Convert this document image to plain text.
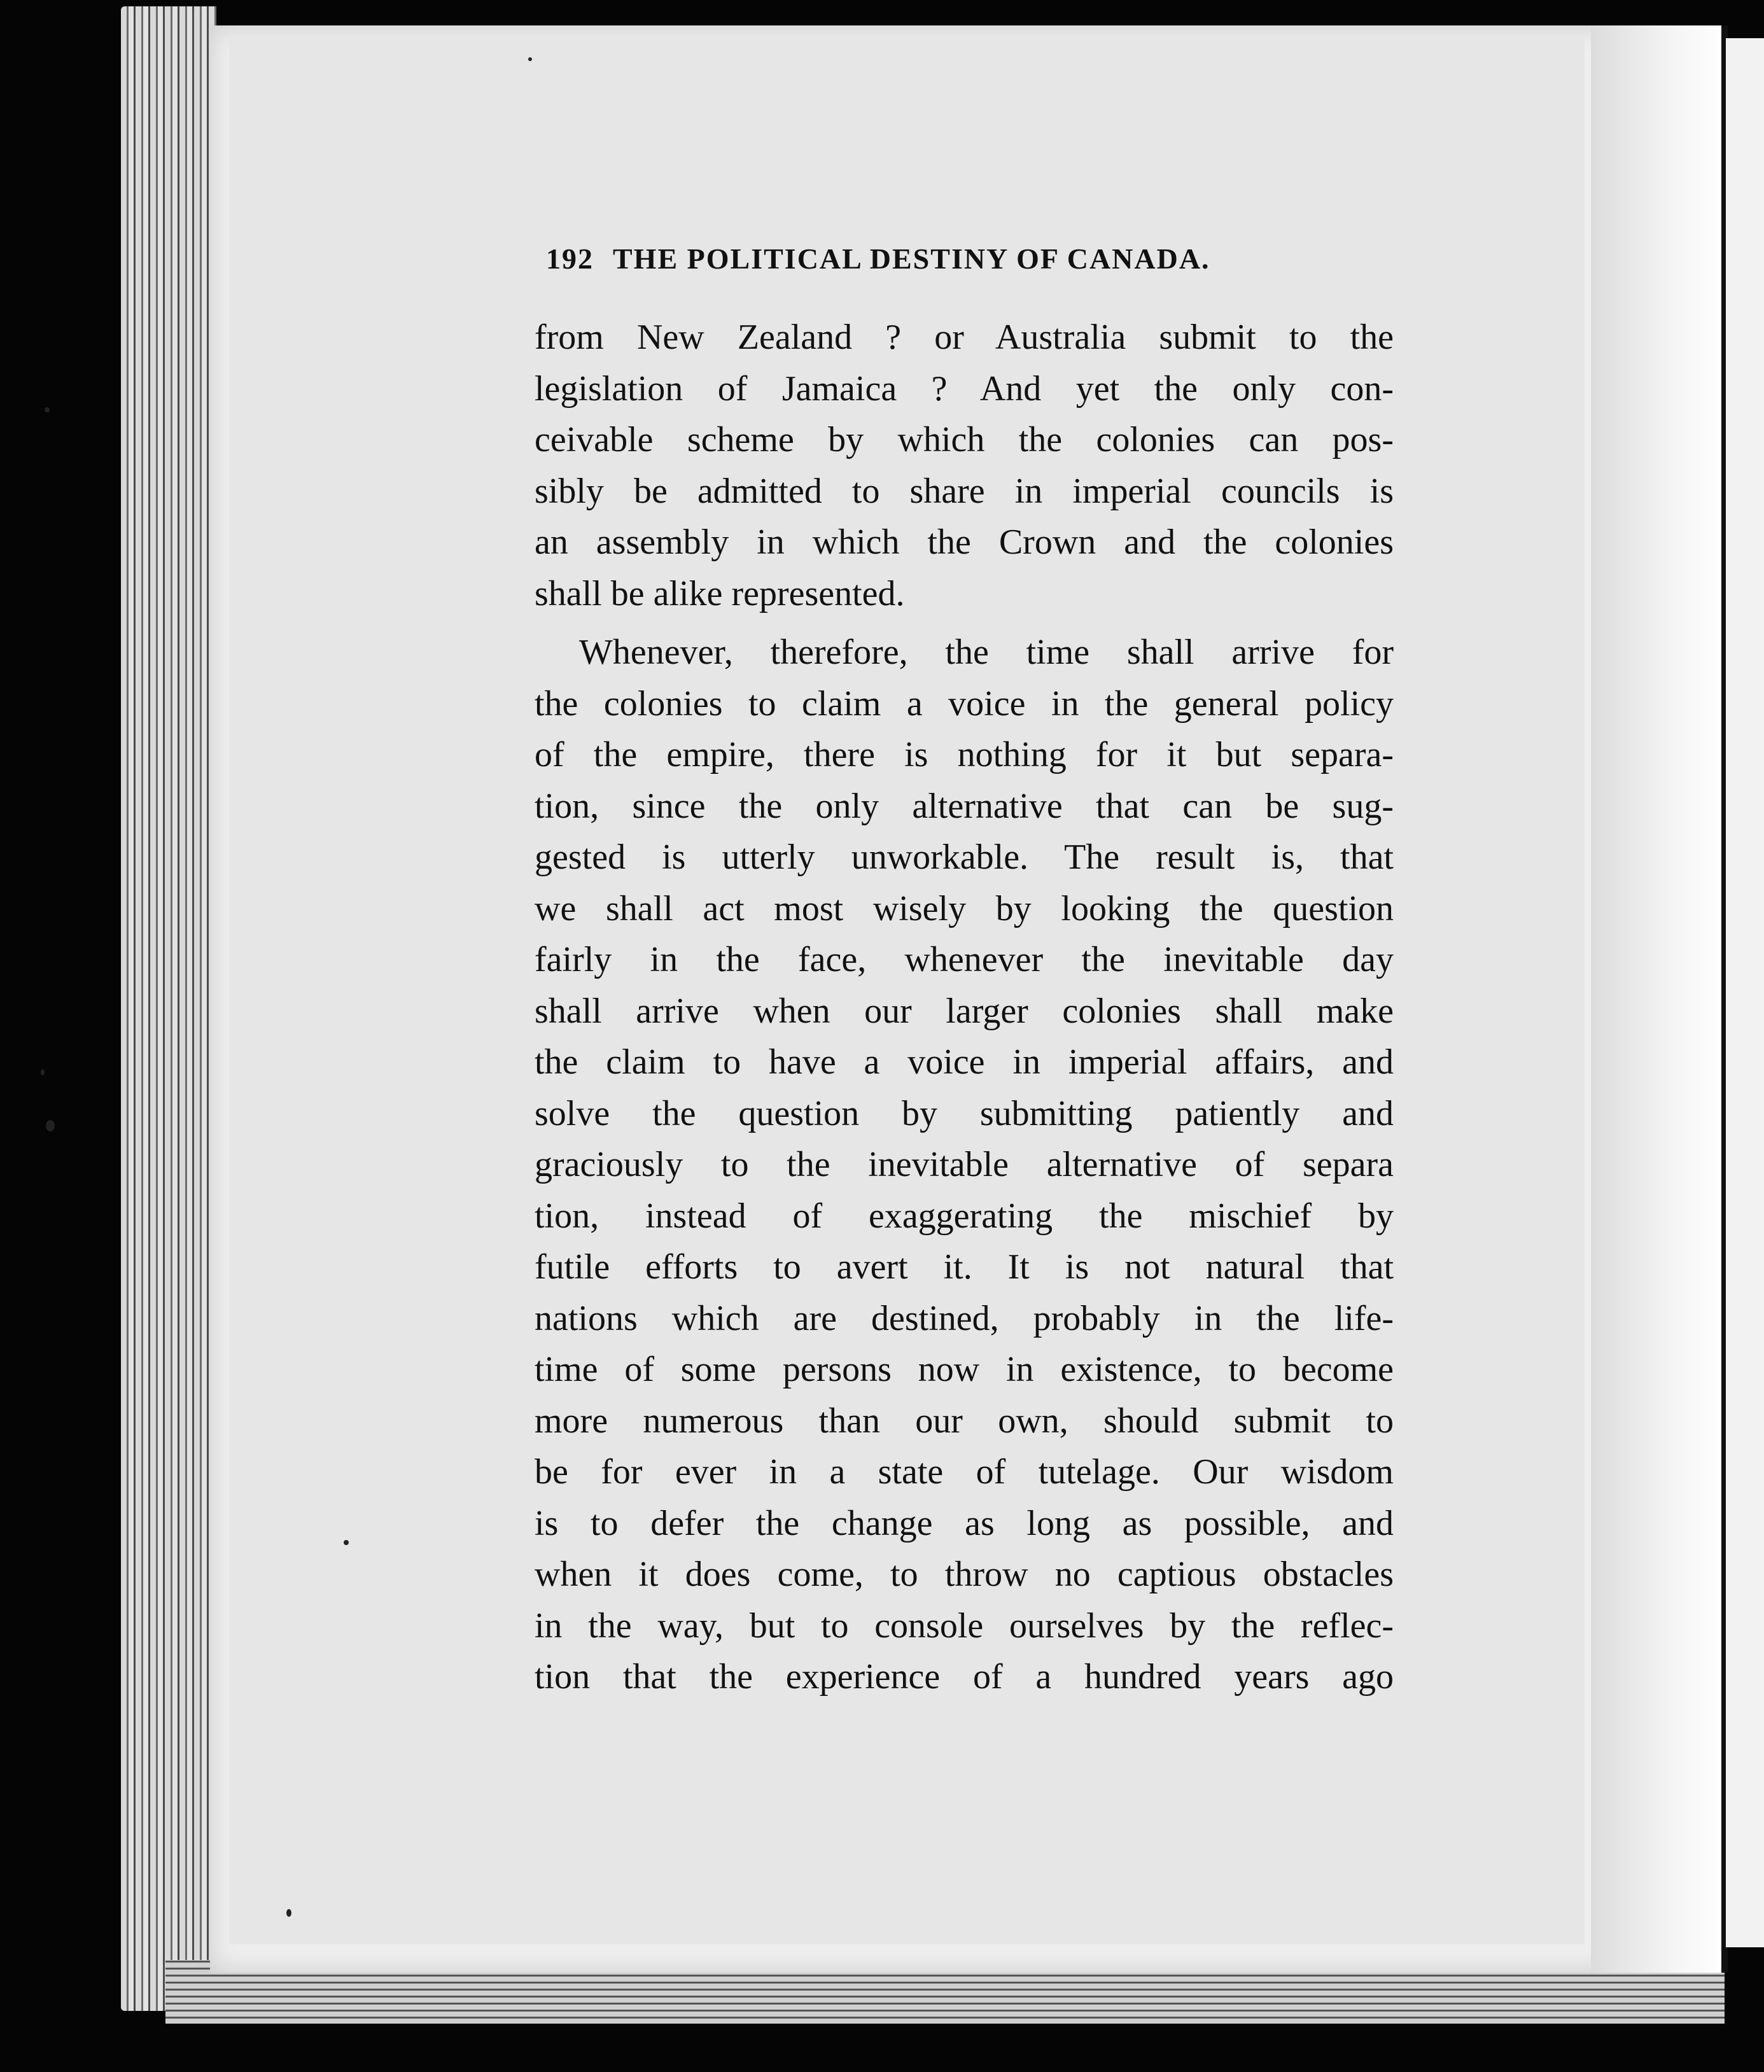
192 THE POLITICAL DESTINY OF CANADA.
from New Zealand ? or Australia submit to the
legislation of Jamaica ? And yet the only con-
ceivable scheme by which the colonies can pos-
sibly be admitted to share in imperial councils is
an assembly in which the Crown and the colonies
shall be alike represented.
Whenever, therefore, the time shall arrive for
the colonies to claim a voice in the general policy
of the empire, there is nothing for it but separa-
tion, since the only alternative that can be sug-
gested is utterly unworkable. The result is, that
we shall act most wisely by looking the question
fairly in the face, whenever the inevitable day
shall arrive when our larger colonies shall make
the claim to have a voice in imperial affairs, and
solve the question by submitting patiently and
graciously to the inevitable alternative of separa
tion, instead of exaggerating the mischief by
futile efforts to avert it. It is not natural that
nations which are destined, probably in the life-
time of some persons now in existence, to become
more numerous than our own, should submit to
be for ever in a state of tutelage. Our wisdom
is to defer the change as long as possible, and
when it does come, to throw no captious obstacles
in the way, but to console ourselves by the reflec-
tion that the experience of a hundred years ago
